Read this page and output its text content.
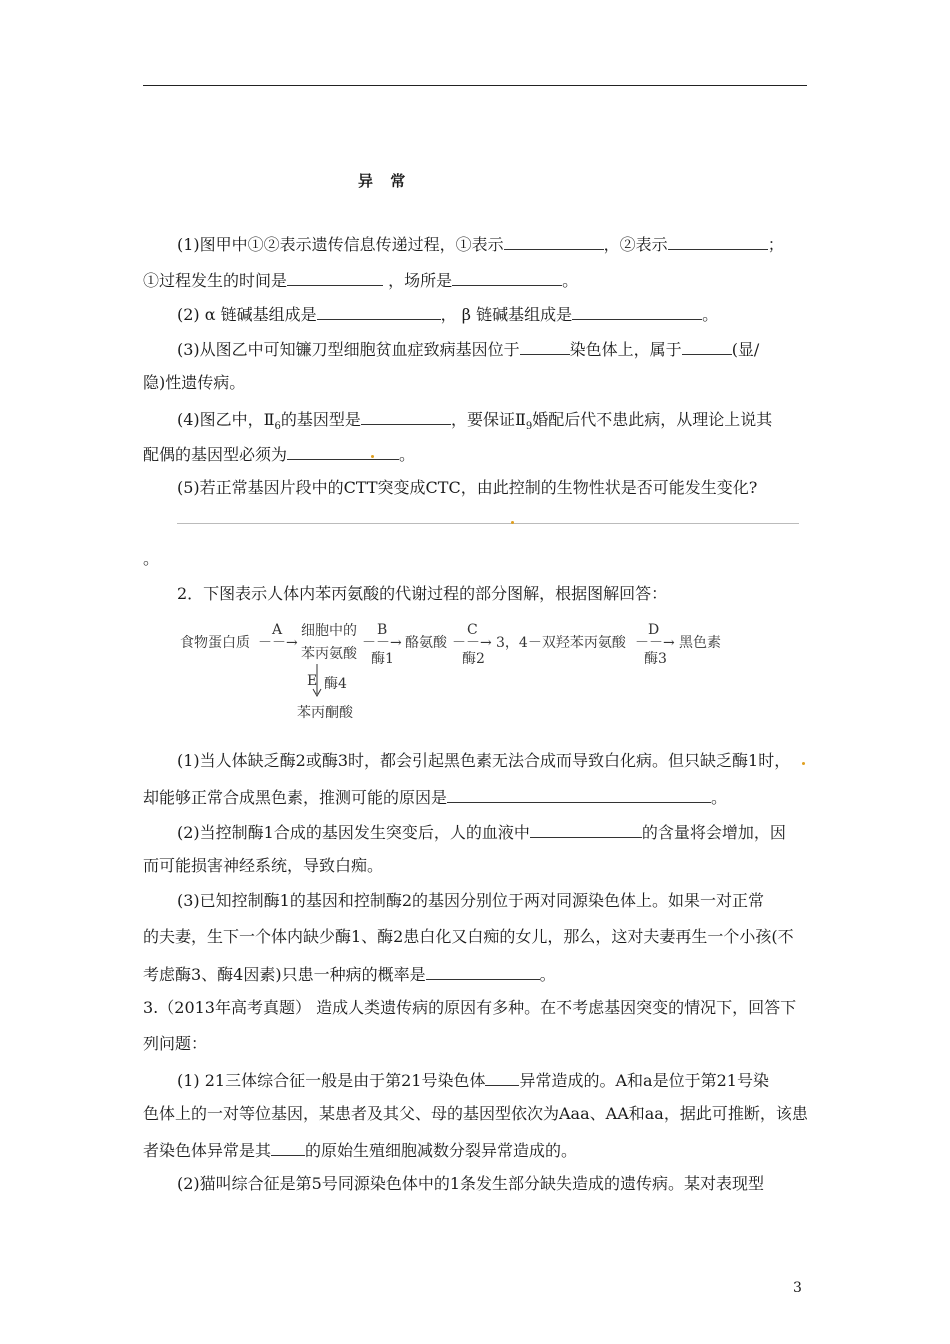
异 常
(1)图甲中①②表示遗传信息传递过程，①表示	，②表示	；
①过程发生的时间是	，场所是	。
(2) α 链碱基组成是	， β 链碱基组成是	。
(3)从图乙中可知镰刀型细胞贫血症致病基因位于	染色体上，属于	(显/
隐)性遗传病。
(4)图乙中，$Ⅱ_6$的基因型是	，要保证$Ⅱ_9$婚配后代不患此病，从理论上说其
配偶的基因型必须为	。
(5)若正常基因片段中的CTT突变成CTC，由此控制的生物性状是否可能发生变化?
。
2．下图表示人体内苯丙氨酸的代谢过程的部分图解，根据图解回答：
食物蛋白质
A
－－→
细胞中的
苯丙氨酸
B
－－→
酶1
酪氨酸
C
－－→
酶2
3，4－双羟苯丙氨酸
D
－－→
酶3
黑色素
E 酶4
苯丙酮酸
(1)当人体缺乏酶2或酶3时，都会引起黑色素无法合成而导致白化病。但只缺乏酶1时，
却能够正常合成黑色素，推测可能的原因是	。
(2)当控制酶1合成的基因发生突变后，人的血液中	的含量将会增加，因
而可能损害神经系统，导致白痴。
(3)已知控制酶1的基因和控制酶2的基因分别位于两对同源染色体上。如果一对正常
的夫妻，生下一个体内缺少酶1、酶2患白化又白痴的女儿，那么，这对夫妻再生一个小孩(不
考虑酶3、酶4因素)只患一种病的概率是	。
3.（2013年高考真题） 造成人类遗传病的原因有多种。在不考虑基因突变的情况下，回答下
列问题：
(1) 21三体综合征一般是由于第21号染色体 异常造成的。A和a是位于第21号染
色体上的一对等位基因，某患者及其父、母的基因型依次为Aaa、AA和aa，据此可推断，该患
者染色体异常是其 的原始生殖细胞减数分裂异常造成的。
(2)猫叫综合征是第5号同源染色体中的1条发生部分缺失造成的遗传病。某对表现型
3
